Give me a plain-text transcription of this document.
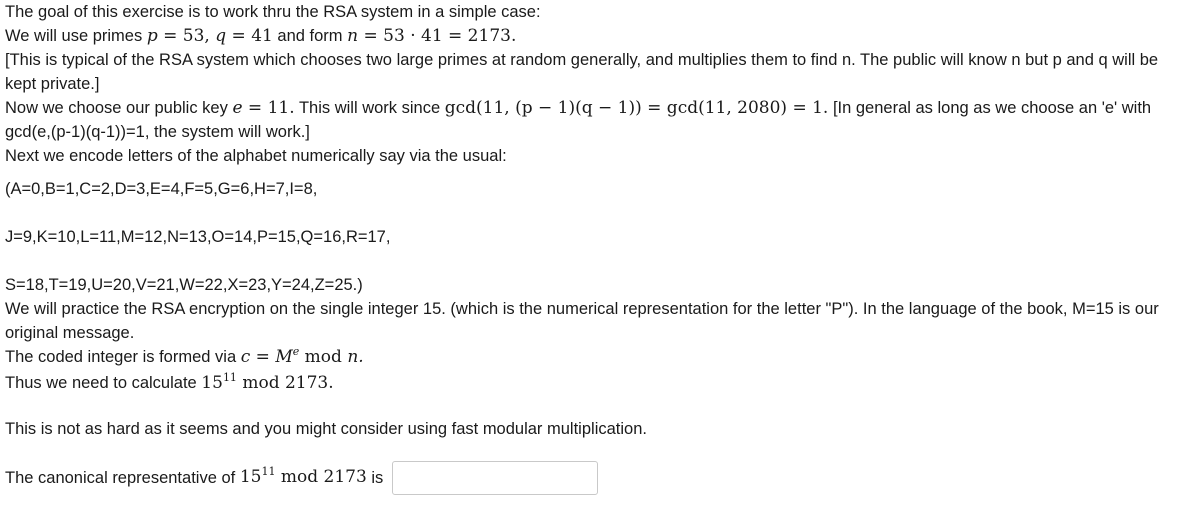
The goal of this exercise is to work thru the RSA system in a simple case:

We will use primes p = 53, q = 41 and form n = 53 · 41 = 2173.

[This is typical of the RSA system which chooses two large primes at random generally, and multiplies them to find n. The public will know n but p and q will be kept private.]

Now we choose our public key e = 11. This will work since gcd(11, (p − 1)(q − 1)) = gcd(11, 2080) = 1. [In general as long as we choose an 'e' with gcd(e,(p-1)(q-1))=1, the system will work.]

Next we encode letters of the alphabet numerically say via the usual:

(A=0,B=1,C=2,D=3,E=4,F=5,G=6,H=7,I=8,

J=9,K=10,L=11,M=12,N=13,O=14,P=15,Q=16,R=17,

S=18,T=19,U=20,V=21,W=22,X=23,Y=24,Z=25.)

We will practice the RSA encryption on the single integer 15. (which is the numerical representation for the letter "P"). In the language of the book, M=15 is our original message.

The coded integer is formed via $c = M^e$ mod n.

Thus we need to calculate $15^{11}$ mod 2173.

This is not as hard as it seems and you might consider using fast modular multiplication.

The canonical representative of
$15^{11}$ mod 2173
is
